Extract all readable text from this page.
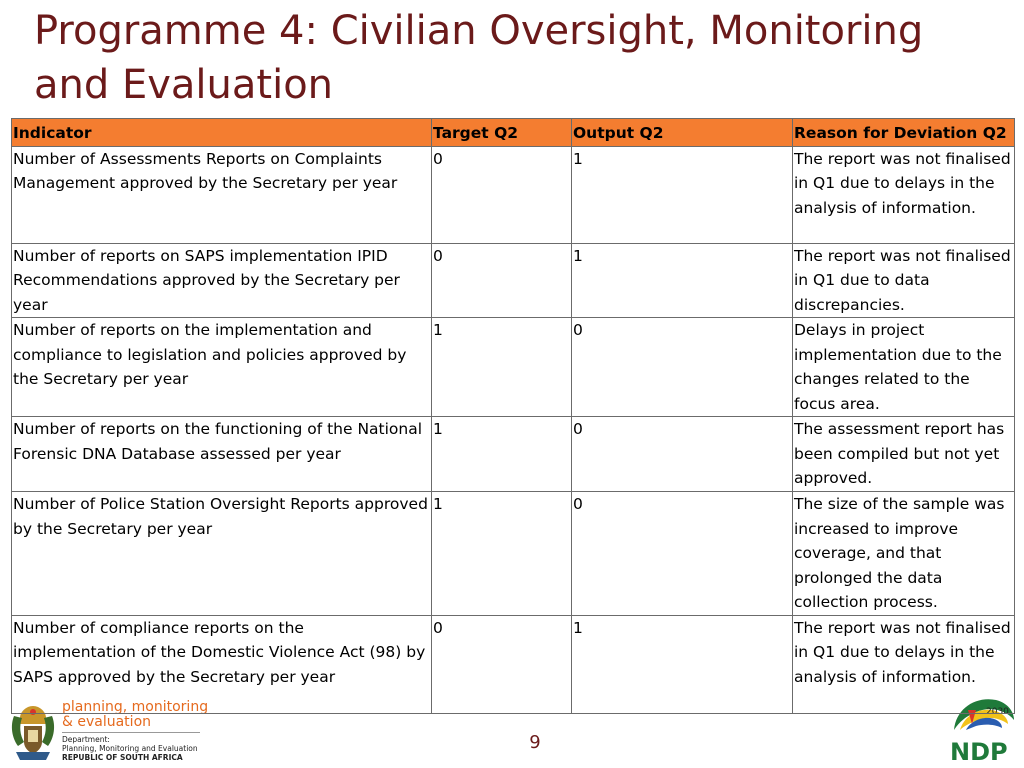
Programme 4: Civilian Oversight, Monitoring and Evaluation
planning, monitoring
& evaluation
Department:
Planning, Monitoring and Evaluation
REPUBLIC OF SOUTH AFRICA
2030
NDP
Indicator	Target Q2	Output Q2	Reason for Deviation Q2
Number of Assessments Reports on Complaints Management approved by the Secretary per year	0	1	The report was not finalised in Q1 due to delays in the analysis of information.
Number of reports on SAPS implementation IPID Recommendations approved by the Secretary per year	0	1	The report was not finalised in Q1 due to data discrepancies.
Number of reports on the implementation and compliance to legislation and policies approved by the Secretary per year	1	0	Delays in project implementation due to the changes related to the focus area.
Number of reports on the functioning of the National Forensic DNA Database assessed per year	1	0	The assessment report has been compiled but not yet approved.
Number of Police Station Oversight Reports approved by the Secretary per year	1	0	The size of the sample was increased to improve coverage, and that prolonged the data collection process.
Number of compliance reports on the implementation of the Domestic Violence Act (98) by SAPS approved by the Secretary per year	0	1	The report was not finalised in Q1 due to delays in the analysis of information.
9
